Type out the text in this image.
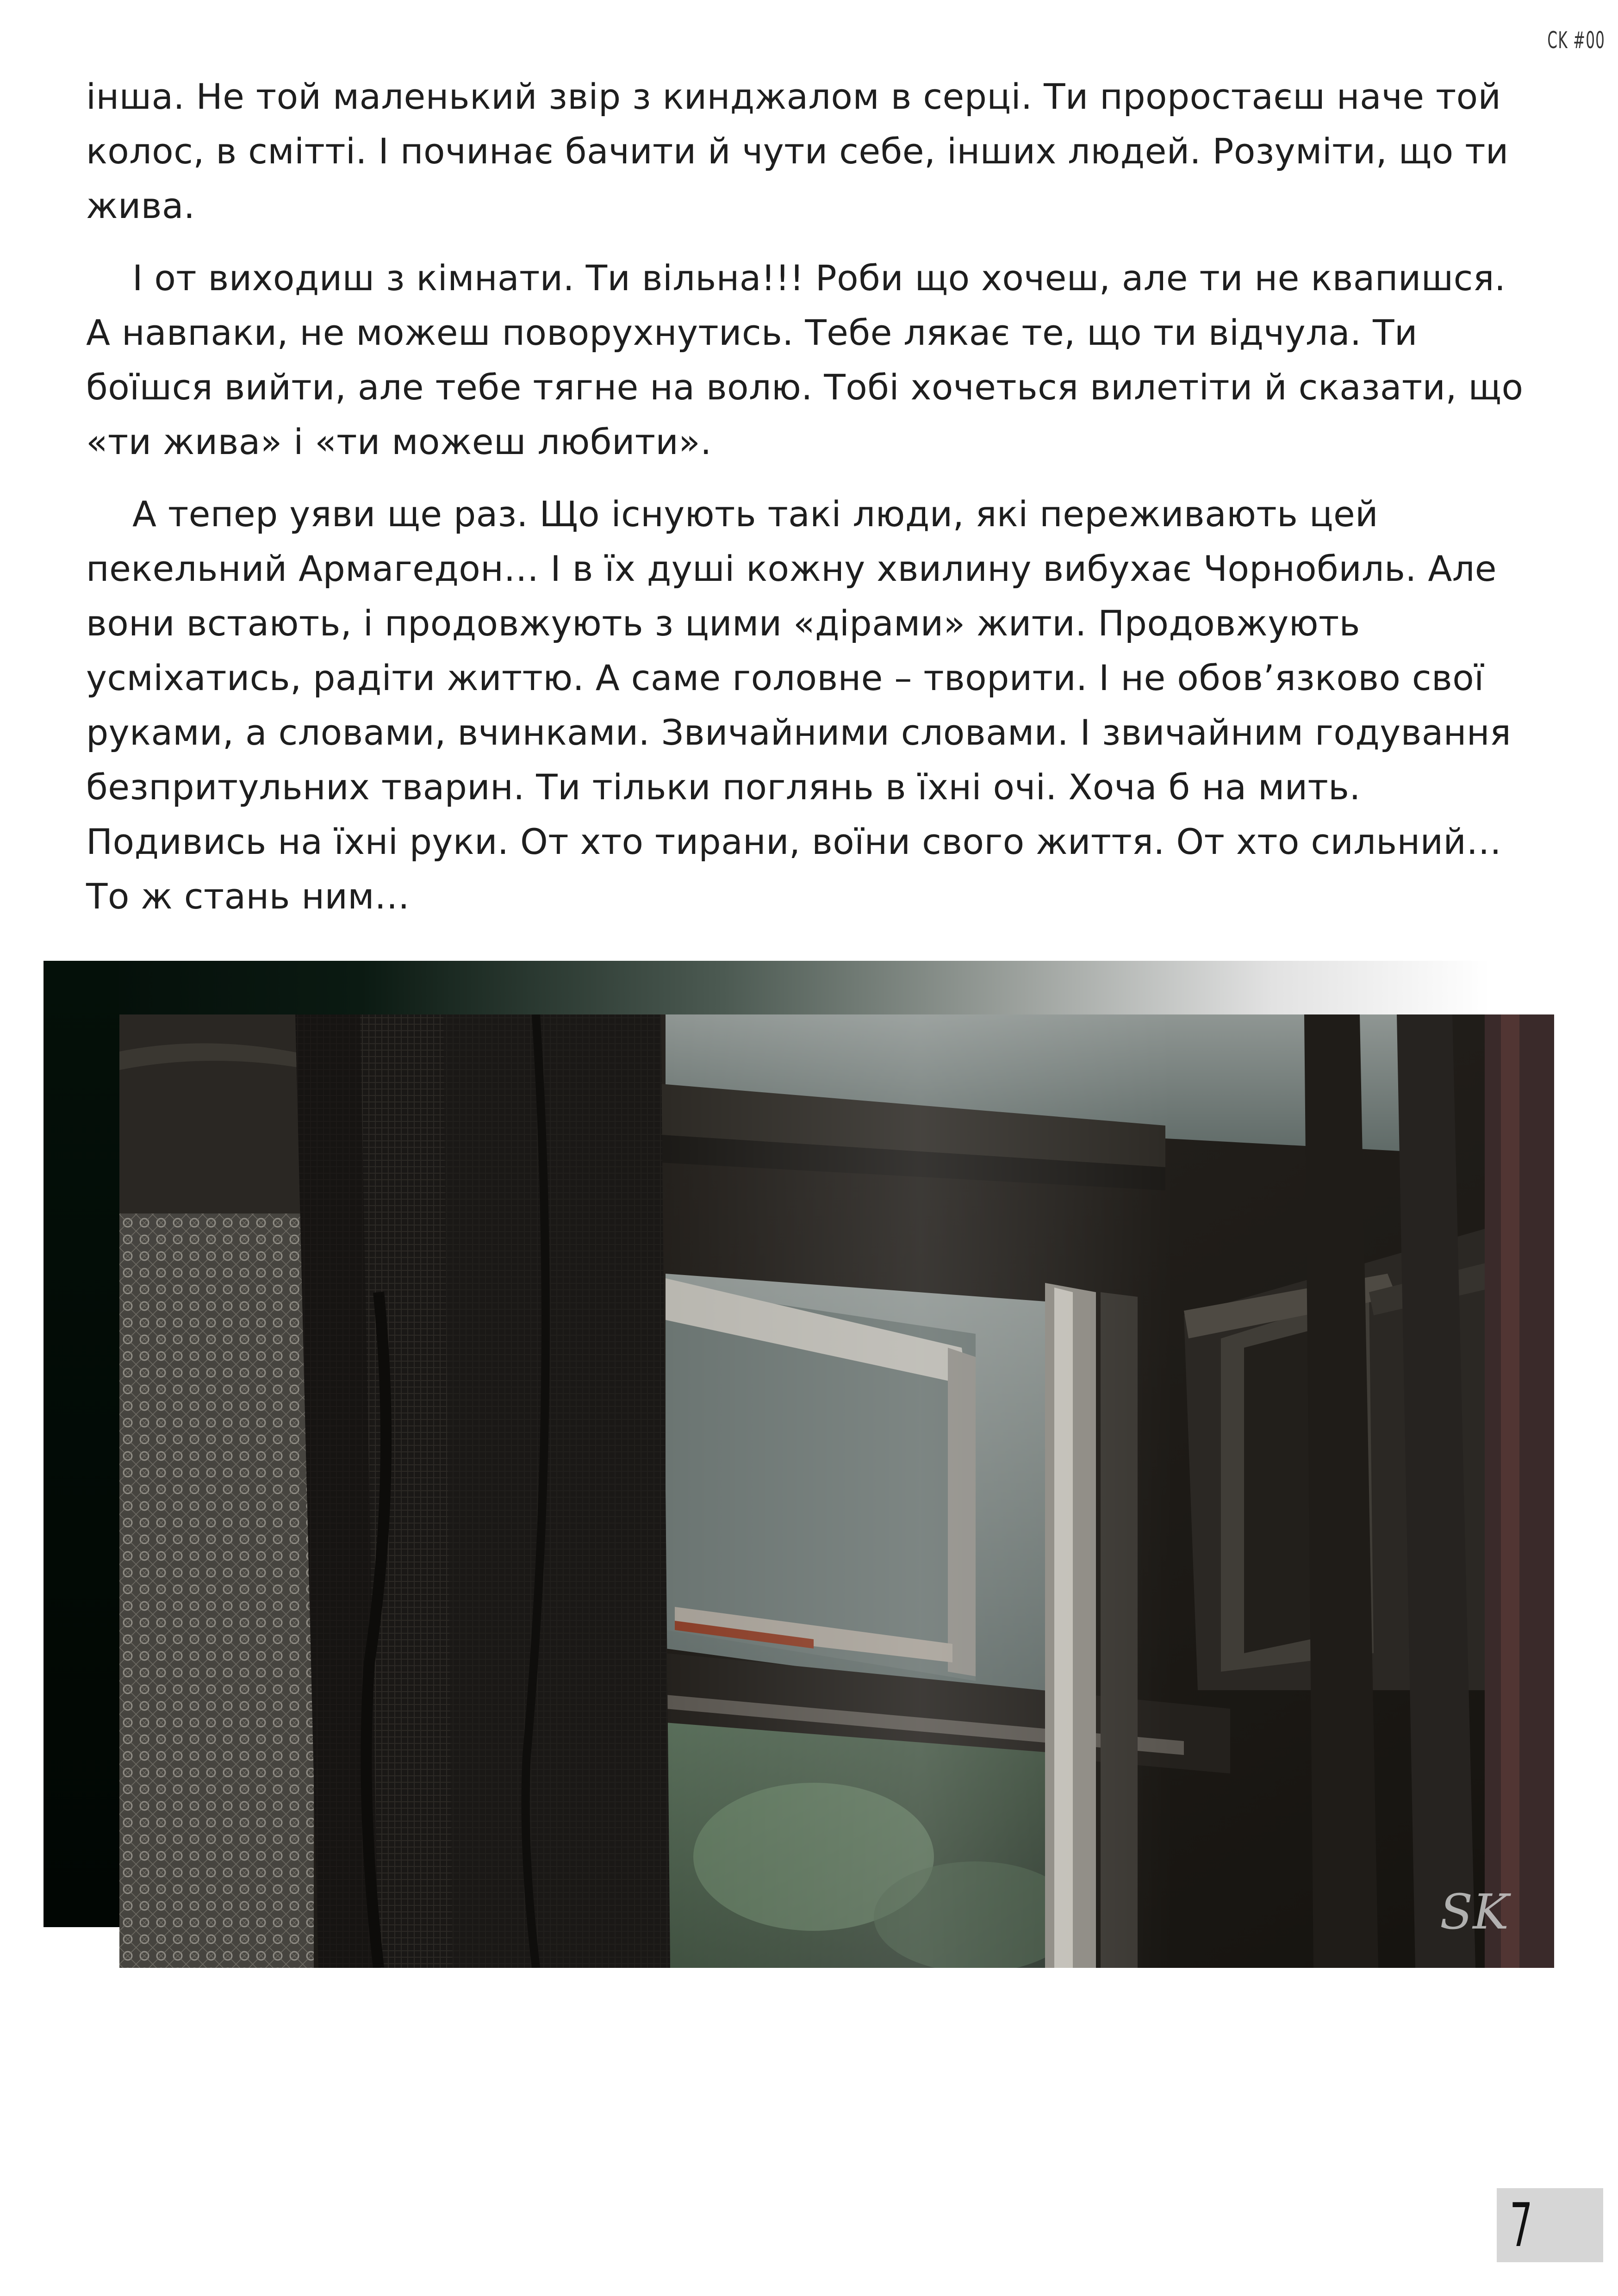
CK #00

інша. Не той маленький звір з кинджалом в серці. Ти проростаєш наче той колос, в смітті. І починає бачити й чути себе, інших людей. Розуміти, що ти жива.

І от виходиш з кімнати. Ти вільна!!! Роби що хочеш, але ти не квапишся. А навпаки, не можеш поворухнутись. Тебе лякає те, що ти відчула. Ти боїшся вийти, але тебе тягне на волю. Тобі хочеться вилетіти й сказати, що «ти жива» і «ти можеш любити».

А тепер уяви ще раз. Що існують такі люди, які переживають цей пекельний Армагедон… І в їх душі кожну хвилину вибухає Чорнобиль. Але вони встають, і продовжують з цими «дірами» жити. Продовжують усміхатись, радіти життю. А саме головне – творити. І не обов’язково свої руками, а словами, вчинками. Звичайними словами. І звичайним годування безпритульних тварин. Ти тільки поглянь в їхні очі. Хоча б на мить. Подивись на їхні руки. От хто тирани, воїни свого життя. От хто сильний… То ж стань ним…

SK
7
